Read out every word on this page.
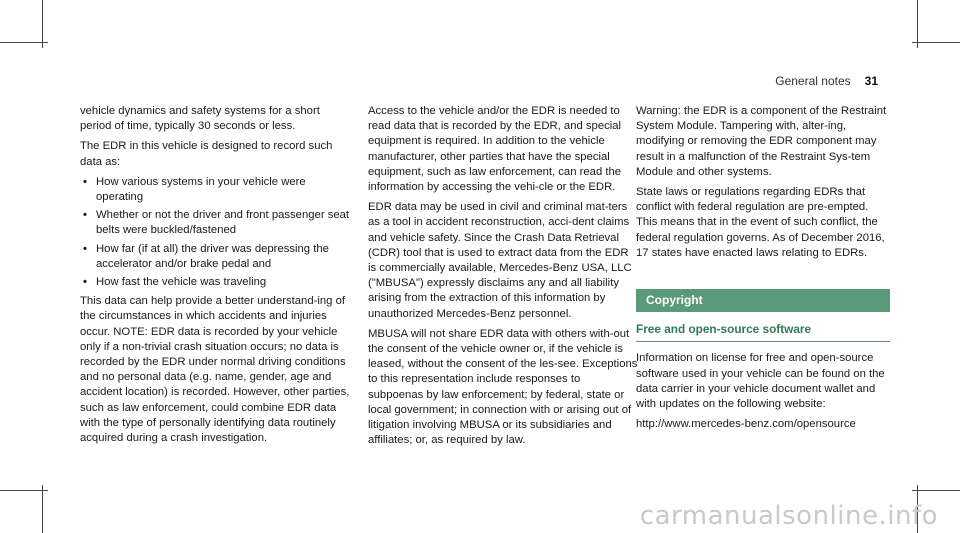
General notes 31

vehicle dynamics and safety systems for a short period of time, typically 30 seconds or less.

The EDR in this vehicle is designed to record such data as:

• How various systems in your vehicle were operating
• Whether or not the driver and front passenger seat belts were buckled/fastened
• How far (if at all) the driver was depressing the accelerator and/or brake pedal and
• How fast the vehicle was traveling

This data can help provide a better understand-ing of the circumstances in which accidents and injuries occur. NOTE: EDR data is recorded by your vehicle only if a non-trivial crash situation occurs; no data is recorded by the EDR under normal driving conditions and no personal data (e.g. name, gender, age and accident location) is recorded. However, other parties, such as law enforcement, could combine EDR data with the type of personally identifying data routinely acquired during a crash investigation.

Access to the vehicle and/or the EDR is needed to read data that is recorded by the EDR, and special equipment is required. In addition to the vehicle manufacturer, other parties that have the special equipment, such as law enforcement, can read the information by accessing the vehi-cle or the EDR.

EDR data may be used in civil and criminal mat-ters as a tool in accident reconstruction, acci-dent claims and vehicle safety. Since the Crash Data Retrieval (CDR) tool that is used to extract data from the EDR is commercially available, Mercedes-Benz USA, LLC ("MBUSA") expressly disclaims any and all liability arising from the extraction of this information by unauthorized Mercedes-Benz personnel.

MBUSA will not share EDR data with others with-out the consent of the vehicle owner or, if the vehicle is leased, without the consent of the les-see. Exceptions to this representation include responses to subpoenas by law enforcement; by federal, state or local government; in connection with or arising out of litigation involving MBUSA or its subsidiaries and affiliates; or, as required by law.

Warning: the EDR is a component of the Restraint System Module. Tampering with, alter-ing, modifying or removing the EDR component may result in a malfunction of the Restraint Sys-tem Module and other systems.

State laws or regulations regarding EDRs that conflict with federal regulation are pre-empted. This means that in the event of such conflict, the federal regulation governs. As of December 2016, 17 states have enacted laws relating to EDRs.

Copyright
Free and open-source software

Information on license for free and open-source software used in your vehicle can be found on the data carrier in your vehicle document wallet and with updates on the following website:

http://www.mercedes-benz.com/opensource

carmanualsonline.info
